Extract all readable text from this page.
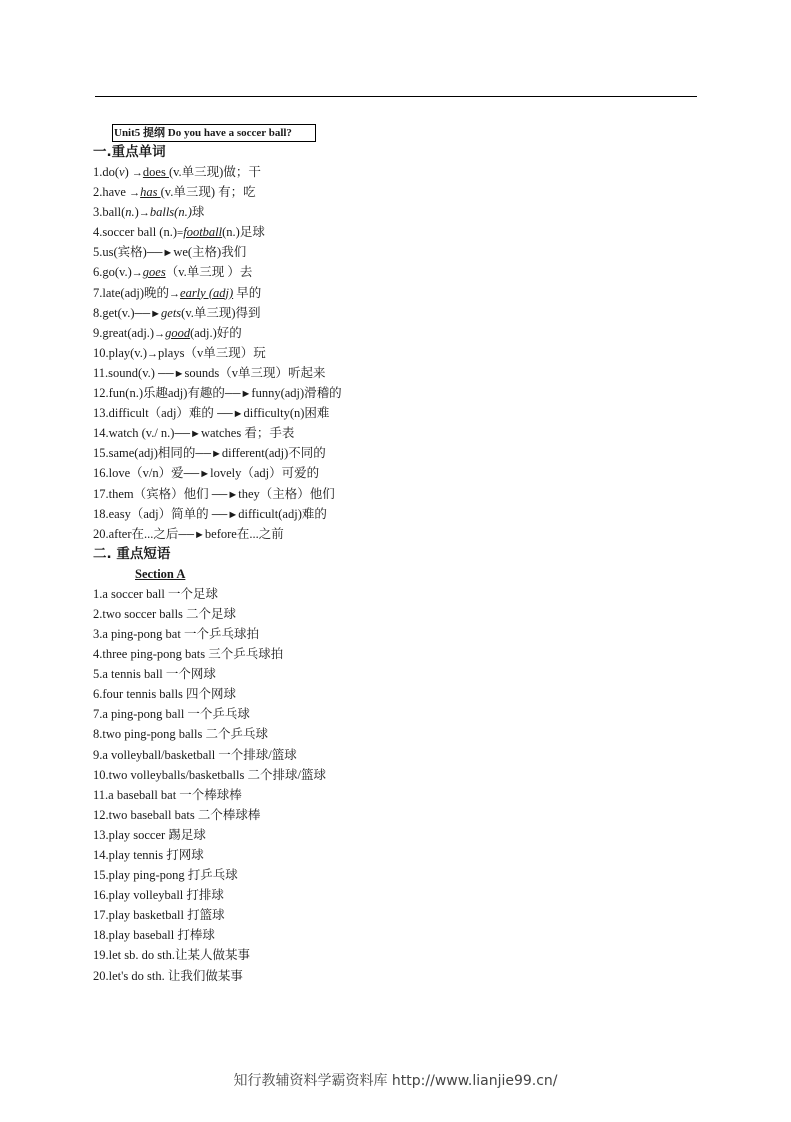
Unit5 提纲 Do you have a soccer ball?
一.重点单词
1.do(v) →does (v.单三现)做；干
2.have →has (v.单三现) 有；吃
3.ball(n.)→balls(n.)球
4.soccer ball (n.)=football(n.)足球
5.us(宾格)──►we(主格)我们
6.go(v.)→goes（v.单三现 ）去
7.late(adj)晚的→early (adj) 早的
8.get(v.)──►gets(v.单三现)得到
9.great(adj.)→good(adj.)好的
10.play(v.)→plays（v单三现）玩
11.sound(v.) ──►sounds（v单三现）听起来
12.fun(n.)乐趣adj)有趣的──►funny(adj)滑稽的
13.difficult（adj）难的 ──►difficulty(n)困难
14.watch (v./ n.)──►watches 看；手表
15.same(adj)相同的──►different(adj)不同的
16.love（v/n）爱──►lovely（adj）可爱的
17.them（宾格）他们 ──►they（主格）他们
18.easy（adj）简单的 ──►difficult(adj)难的
20.after在...之后──►before在...之前
二. 重点短语
Section A
1.a soccer ball 一个足球
2.two soccer balls 二个足球
3.a ping-pong bat 一个乒乓球拍
4.three ping-pong bats 三个乒乓球拍
5.a tennis ball 一个网球
6.four tennis balls 四个网球
7.a ping-pong ball 一个乒乓球
8.two ping-pong balls 二个乒乓球
9.a volleyball/basketball 一个排球/篮球
10.two volleyballs/basketballs 二个排球/篮球
11.a baseball bat 一个棒球棒
12.two baseball bats 二个棒球棒
13.play soccer 踢足球
14.play tennis 打网球
15.play ping-pong 打乒乓球
16.play volleyball 打排球
17.play basketball 打篮球
18.play baseball 打棒球
19.let sb. do sth.让某人做某事
20.let's do sth. 让我们做某事
知行教辅资料学霸资料库 http://www.lianjie99.cn/
